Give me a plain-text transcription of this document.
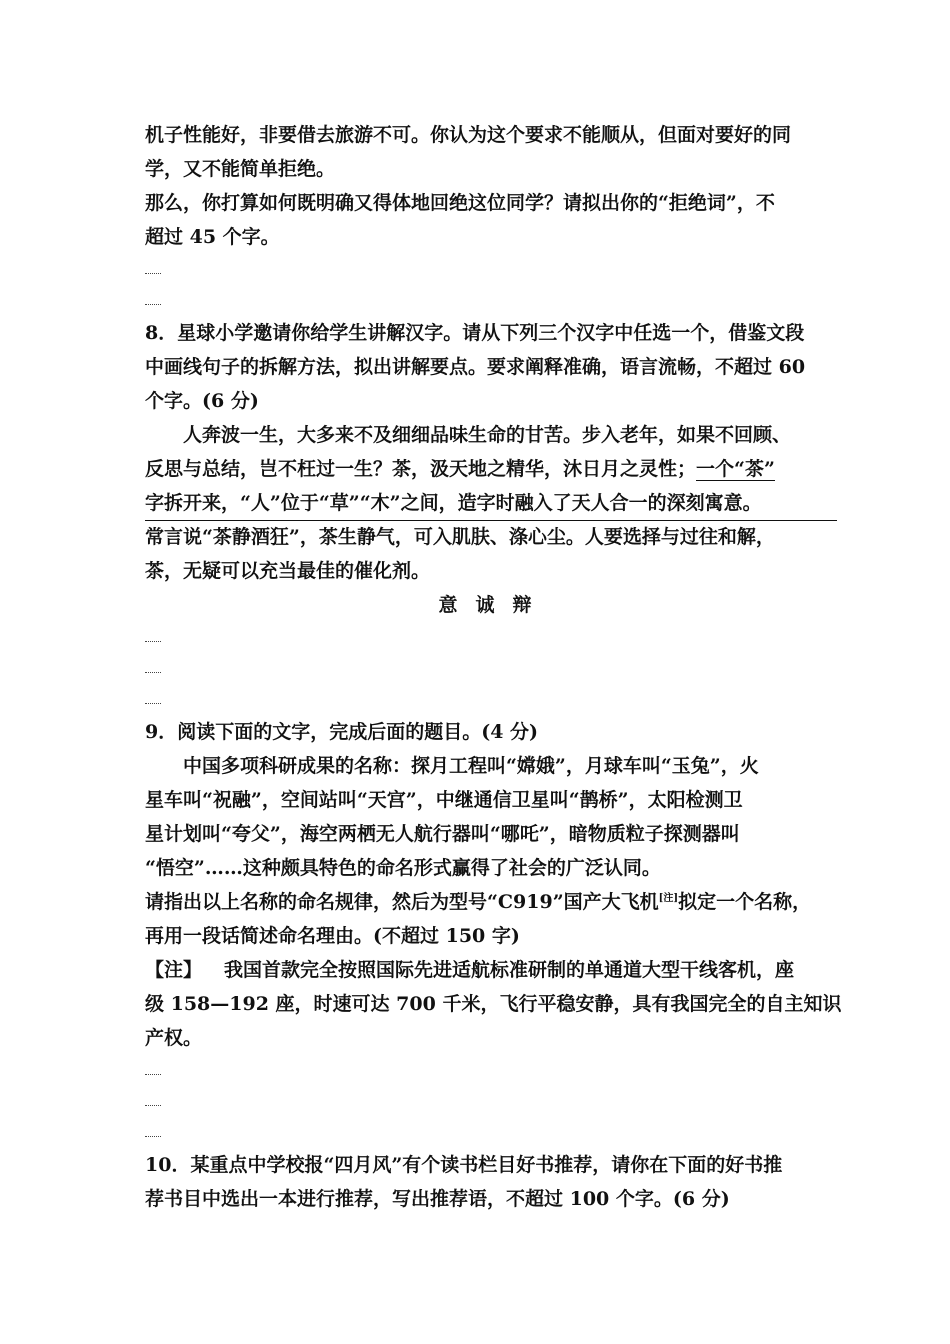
机子性能好，非要借去旅游不可。你认为这个要求不能顺从，但面对要好的同
学，又不能简单拒绝。
那么，你打算如何既明确又得体地回绝这位同学？请拟出你的“拒绝词”，不
超过 45 个字。
8．星球小学邀请你给学生讲解汉字。请从下列三个汉字中任选一个，借鉴文段
中画线句子的拆解方法，拟出讲解要点。要求阐释准确，语言流畅，不超过 60
个字。(6 分)
人奔波一生，大多来不及细细品味生命的甘苦。步入老年，如果不回顾、
反思与总结，岂不枉过一生？茶，汲天地之精华，沐日月之灵性；一个“茶”
字拆开来，“人”位于“草”“木”之间，造字时融入了天人合一的深刻寓意。
常言说“茶静酒狂”，茶生静气，可入肌肤、涤心尘。人要选择与过往和解，
茶，无疑可以充当最佳的催化剂。
意诚辩
9．阅读下面的文字，完成后面的题目。(4 分)
中国多项科研成果的名称：探月工程叫“嫦娥”，月球车叫“玉兔”，火
星车叫“祝融”，空间站叫“天宫”，中继通信卫星叫“鹊桥”，太阳检测卫
星计划叫“夸父”，海空两栖无人航行器叫“哪吒”，暗物质粒子探测器叫
“悟空”……这种颇具特色的命名形式赢得了社会的广泛认同。
请指出以上名称的命名规律，然后为型号“C919”国产大飞机[注]拟定一个名称，
再用一段话简述命名理由。(不超过 150 字)
【注】 我国首款完全按照国际先进适航标准研制的单通道大型干线客机，座
级 158—192 座，时速可达 700 千米，飞行平稳安静，具有我国完全的自主知识
产权。
10．某重点中学校报“四月风”有个读书栏目好书推荐，请你在下面的好书推
荐书目中选出一本进行推荐，写出推荐语，不超过 100 个字。(6 分)
